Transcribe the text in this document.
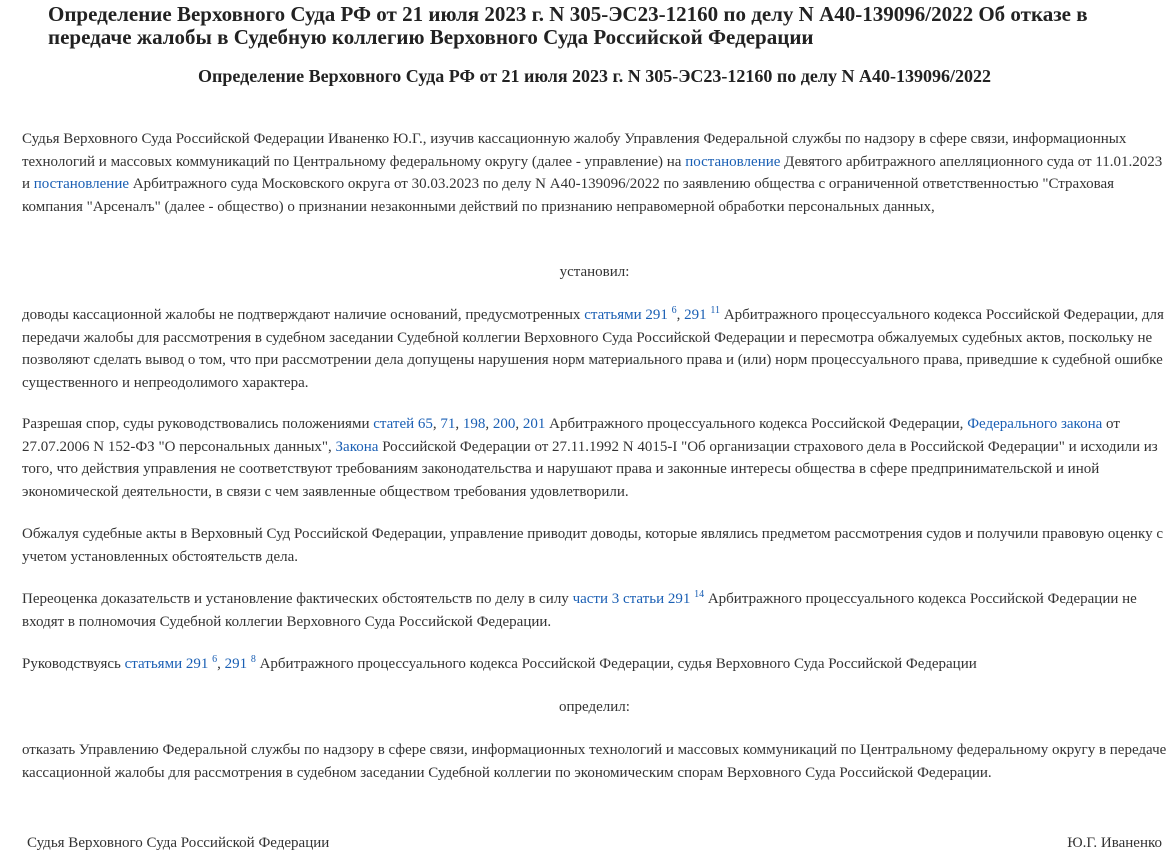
Определение Верховного Суда РФ от 21 июля 2023 г. N 305-ЭС23-12160 по делу N А40-139096/2022 Об отказе в передаче жалобы в Судебную коллегию Верховного Суда Российской Федерации
Определение Верховного Суда РФ от 21 июля 2023 г. N 305-ЭС23-12160 по делу N А40-139096/2022

Судья Верховного Суда Российской Федерации Иваненко Ю.Г., изучив кассационную жалобу Управления Федеральной службы по надзору в сфере связи, информационных технологий и массовых коммуникаций по Центральному федеральному округу (далее - управление) на постановление Девятого арбитражного апелляционного суда от 11.01.2023 и постановление Арбитражного суда Московского округа от 30.03.2023 по делу N А40-139096/2022 по заявлению общества с ограниченной ответственностью "Страховая компания "Арсеналъ" (далее - общество) о признании незаконными действий по признанию неправомерной обработки персональных данных,

установил:

доводы кассационной жалобы не подтверждают наличие оснований, предусмотренных статьями 291 $^6$, 291 $^{11}$ Арбитражного процессуального кодекса Российской Федерации, для передачи жалобы для рассмотрения в судебном заседании Судебной коллегии Верховного Суда Российской Федерации и пересмотра обжалуемых судебных актов, поскольку не позволяют сделать вывод о том, что при рассмотрении дела допущены нарушения норм материального права и (или) норм процессуального права, приведшие к судебной ошибке существенного и непреодолимого характера.

Разрешая спор, суды руководствовались положениями статей 65, 71, 198, 200, 201 Арбитражного процессуального кодекса Российской Федерации, Федерального закона от 27.07.2006 N 152-ФЗ "О персональных данных", Закона Российской Федерации от 27.11.1992 N 4015-I "Об организации страхового дела в Российской Федерации" и исходили из того, что действия управления не соответствуют требованиям законодательства и нарушают права и законные интересы общества в сфере предпринимательской и иной экономической деятельности, в связи с чем заявленные обществом требования удовлетворили.

Обжалуя судебные акты в Верховный Суд Российской Федерации, управление приводит доводы, которые являлись предметом рассмотрения судов и получили правовую оценку с учетом установленных обстоятельств дела.

Переоценка доказательств и установление фактических обстоятельств по делу в силу части 3 статьи 291 $^{14}$ Арбитражного процессуального кодекса Российской Федерации не входят в полномочия Судебной коллегии Верховного Суда Российской Федерации.

Руководствуясь статьями 291 $^6$, 291 $^8$ Арбитражного процессуального кодекса Российской Федерации, судья Верховного Суда Российской Федерации

определил:

отказать Управлению Федеральной службы по надзору в сфере связи, информационных технологий и массовых коммуникаций по Центральному федеральному округу в передаче кассационной жалобы для рассмотрения в судебном заседании Судебной коллегии по экономическим спорам Верховного Суда Российской Федерации.

Судья Верховного Суда Российской Федерации	Ю.Г. Иваненко
